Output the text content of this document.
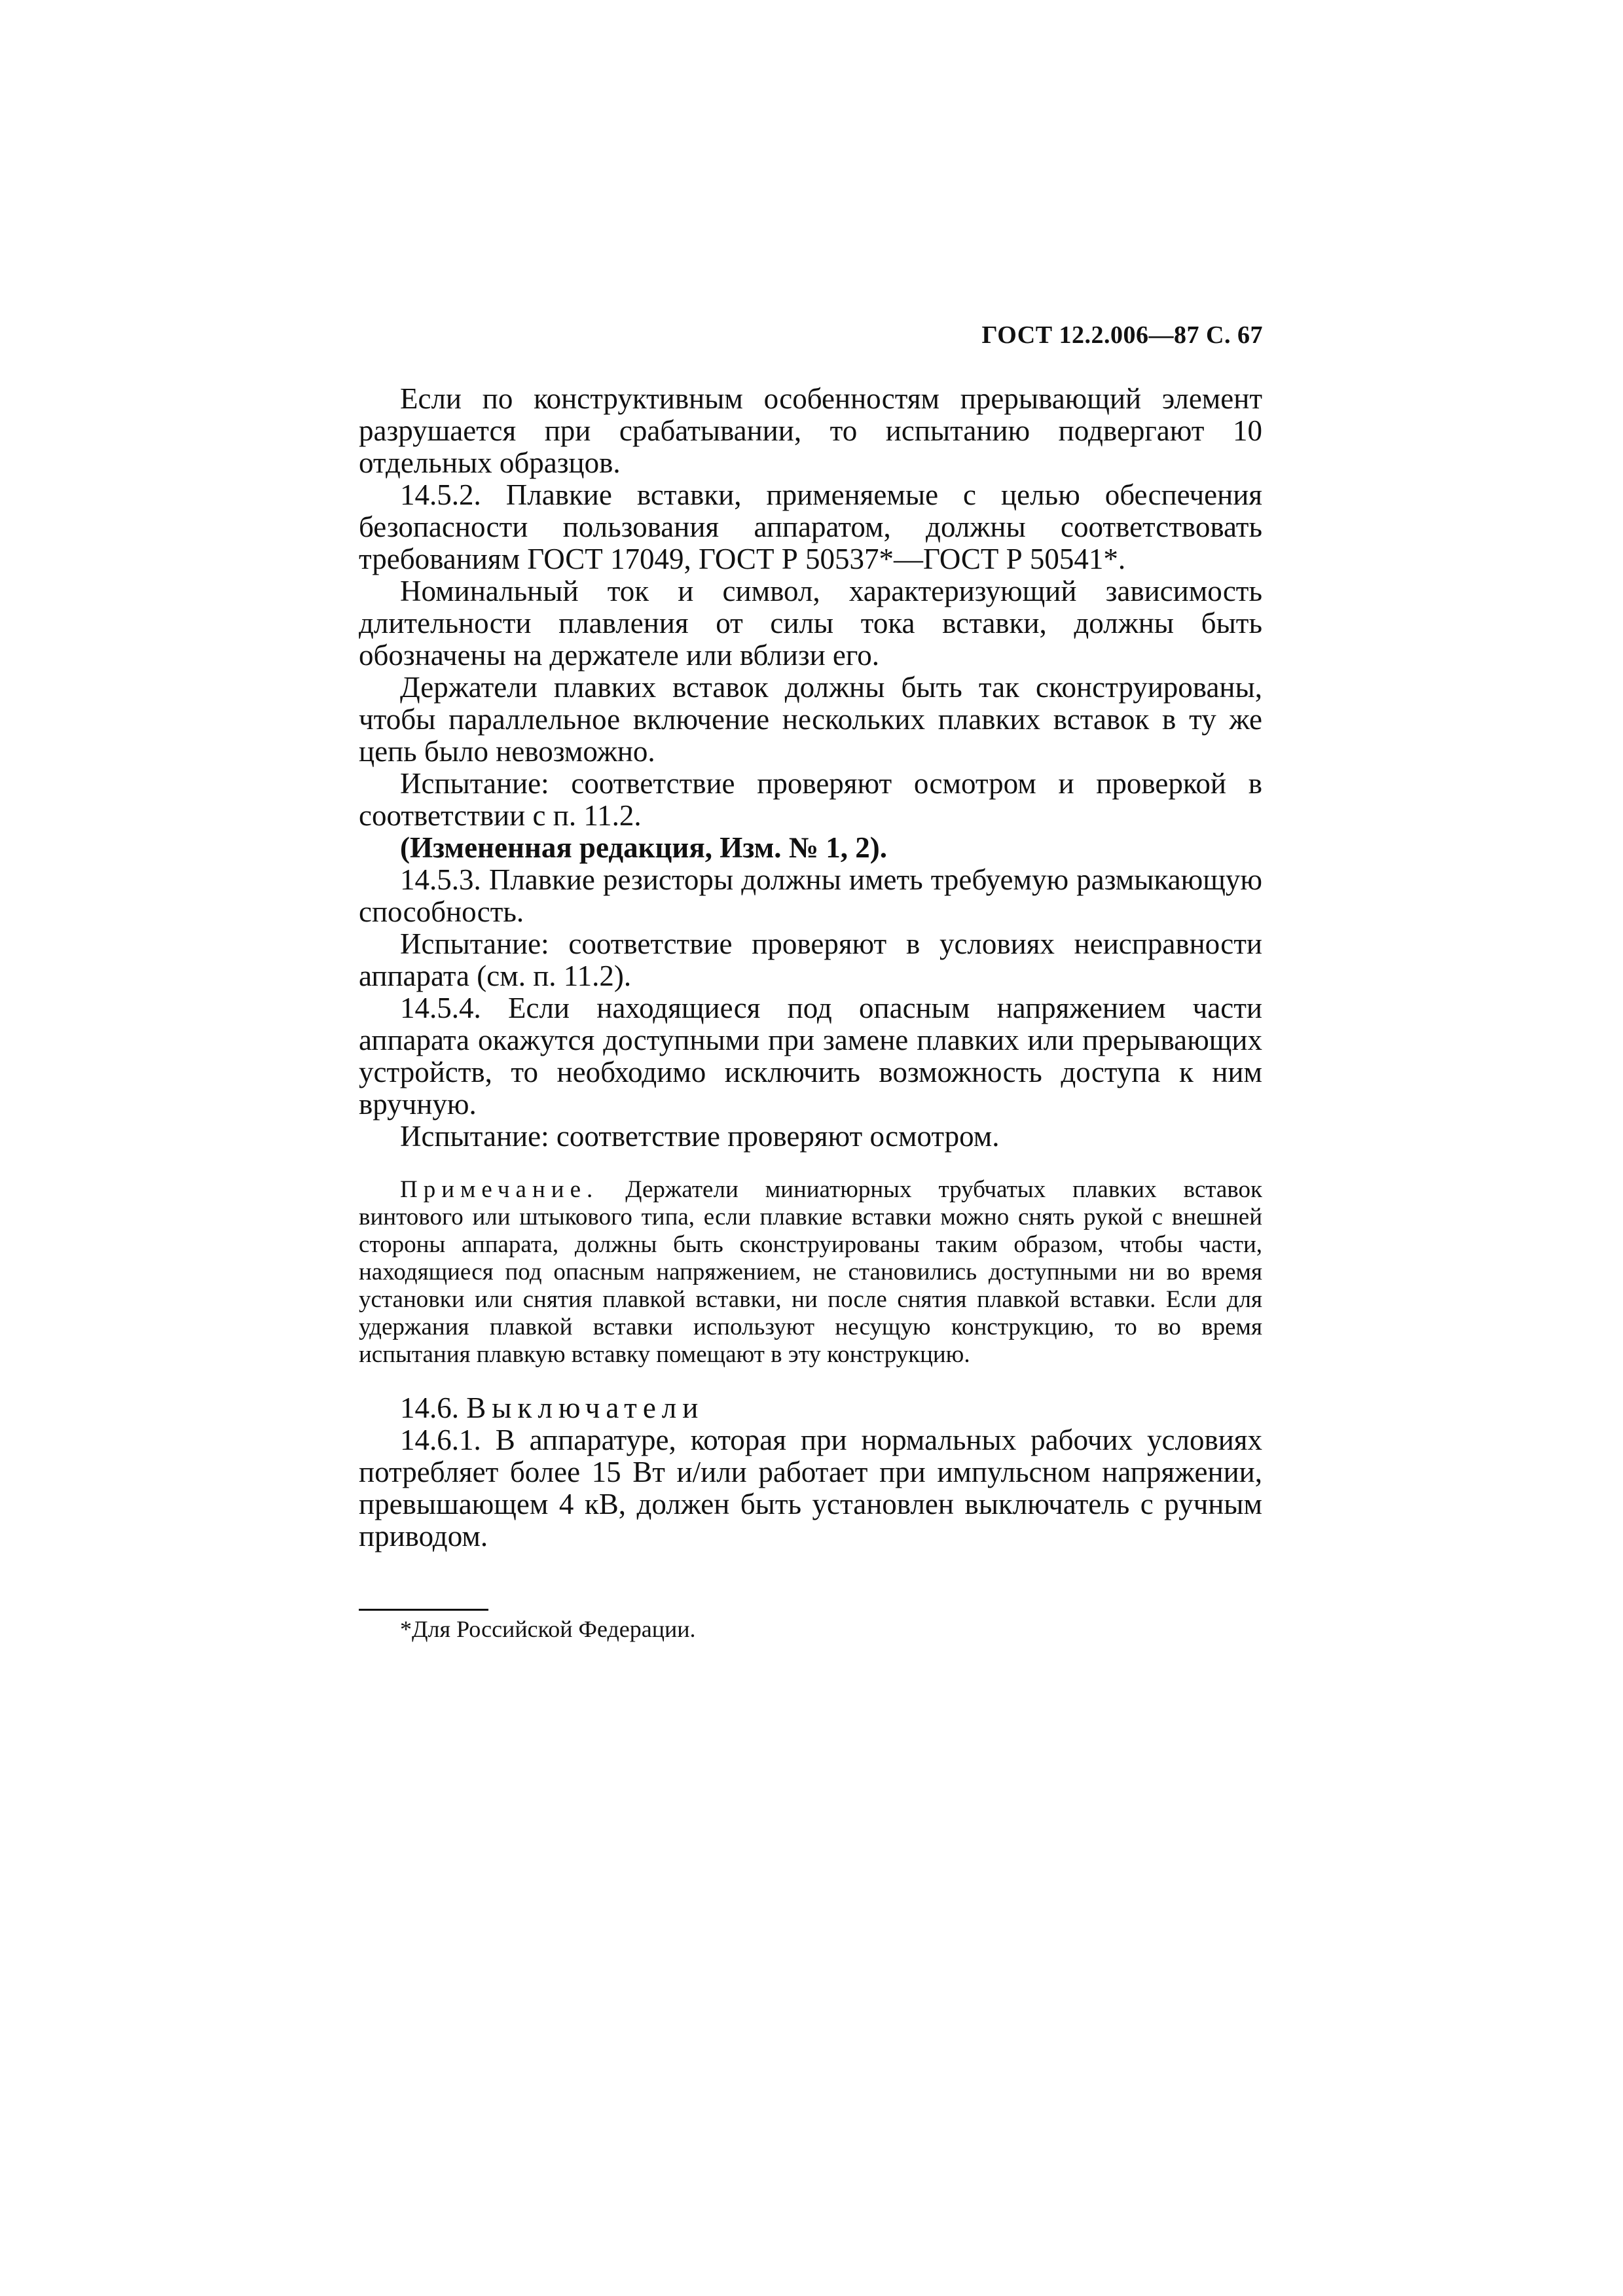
ГОСТ 12.2.006—87 С. 67

Если по конструктивным особенностям прерывающий элемент разрушается при срабатывании, то испытанию подвергают 10 отдельных образцов.

14.5.2. Плавкие вставки, применяемые с целью обеспечения безопасности пользования аппаратом, должны соответствовать требованиям ГОСТ 17049, ГОСТ Р 50537*—ГОСТ Р 50541*.

Номинальный ток и символ, характеризующий зависимость длительности плавления от силы тока вставки, должны быть обозначены на держателе или вблизи его.

Держатели плавких вставок должны быть так сконструированы, чтобы параллельное включение нескольких плавких вставок в ту же цепь было невозможно.

Испытание: соответствие проверяют осмотром и проверкой в соответствии с п. 11.2.

(Измененная редакция, Изм. № 1, 2).

14.5.3. Плавкие резисторы должны иметь требуемую размыкающую способность.

Испытание: соответствие проверяют в условиях неисправности аппарата (см. п. 11.2).

14.5.4. Если находящиеся под опасным напряжением части аппарата окажутся доступными при замене плавких или прерывающих устройств, то необходимо исключить возможность доступа к ним вручную.

Испытание: соответствие проверяют осмотром.

Примечание. Держатели миниатюрных трубчатых плавких вставок винтового или штыкового типа, если плавкие вставки можно снять рукой с внешней стороны аппарата, должны быть сконструированы таким образом, чтобы части, находящиеся под опасным напряжением, не становились доступными ни во время установки или снятия плавкой вставки, ни после снятия плавкой вставки. Если для удержания плавкой вставки используют несущую конструкцию, то во время испытания плавкую вставку помещают в эту конструкцию.

14.6. Выключатели

14.6.1. В аппаратуре, которая при нормальных рабочих условиях потребляет более 15 Вт и/или работает при импульсном напряжении, превышающем 4 кВ, должен быть установлен выключатель с ручным приводом.

*Для Российской Федерации.
